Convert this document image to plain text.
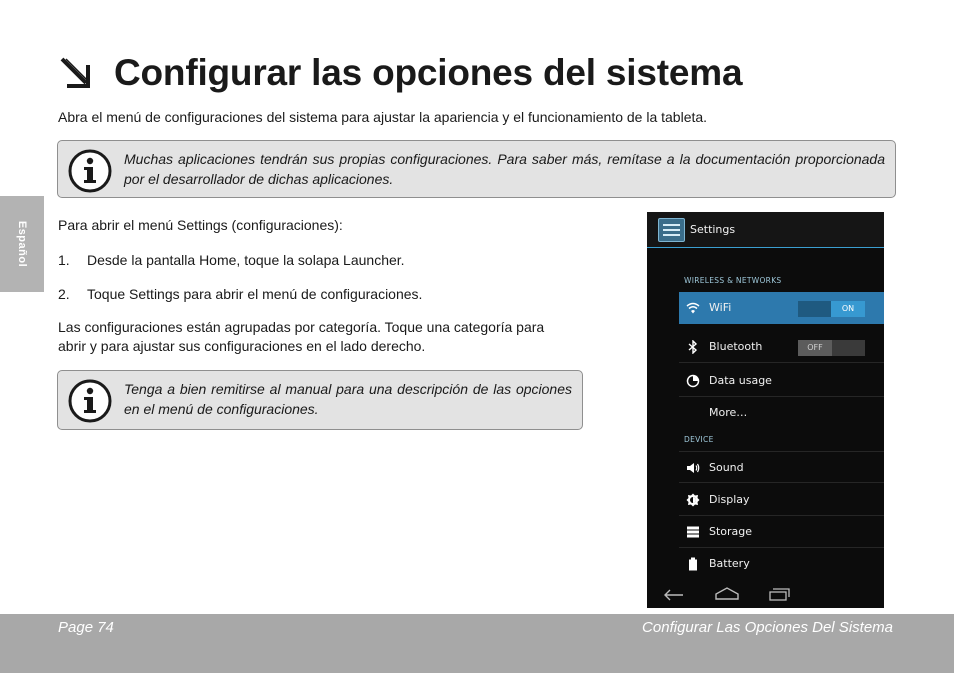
Español
Configurar las opciones del sistema
Abra el menú de configuraciones del sistema para ajustar la apariencia y el funcionamiento de la tableta.
Muchas aplicaciones tendrán sus propias configuraciones. Para saber más, remítase a la documentación proporcionada por el desarrollador de dichas aplicaciones.
Para abrir el menú Settings (configuraciones):
1. Desde la pantalla Home, toque la solapa Launcher.
2. Toque Settings para abrir el menú de configuraciones.
Las configuraciones están agrupadas por categoría. Toque una categoría para
abrir y para ajustar sus configuraciones en el lado derecho.
Tenga a bien remitirse al manual para una descripción de las opciones en el menú de configuraciones.
Settings
WIRELESS & NETWORKS
WiFi	ON
Bluetooth	OFF
Data usage
More…
DEVICE
Sound
Display
Storage
Battery
Page 74	Configurar Las Opciones Del Sistema
